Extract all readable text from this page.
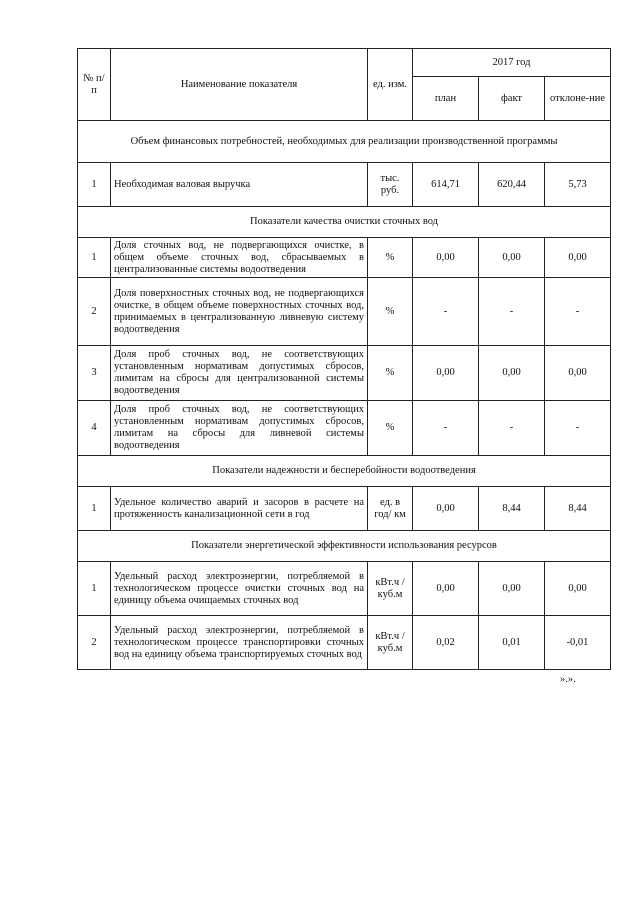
№ п/п	Наименование показателя	ед. изм.	2017 год		
			план	факт	отклоне-ние
Объем финансовых потребностей, необходимых для реализации производственной программы					
1	Необходимая валовая выручка	тыс. руб.	614,71	620,44	5,73
Показатели качества очистки сточных вод					
1	Доля сточных вод, не подвергающихся очистке, в общем объеме сточных вод, сбрасываемых в централизованные системы водоотведения	%	0,00	0,00	0,00
2	Доля поверхностных сточных вод, не подвергающихся очистке, в общем объеме поверхностных сточных вод, принимаемых в централизованную ливневую систему водоотведения	%	-	-	-
3	Доля проб сточных вод, не соответствующих установленным нормативам допустимых сбросов, лимитам на сбросы для централизованной системы водоотведения	%	0,00	0,00	0,00
4	Доля проб сточных вод, не соответствующих установленным нормативам допустимых сбросов, лимитам на сбросы для ливневой системы водоотведения	%	-	-	-
Показатели надежности и бесперебойности водоотведения					
1	Удельное количество аварий и засоров в расчете на протяженность канализационной сети в год	ед. в год/ км	0,00	8,44	8,44
Показатели энергетической эффективности использования ресурсов					
1	Удельный расход электроэнергии, потребляемой в технологическом процессе очистки сточных вод на единицу объема очищаемых сточных вод	кВт.ч / куб.м	0,00	0,00	0,00
2	Удельный расход электроэнергии, потребляемой в технологическом процессе транспортировки сточных вод на единицу объема транспортируемых сточных вод	кВт.ч / куб.м	0,02	0,01	-0,01
».».
